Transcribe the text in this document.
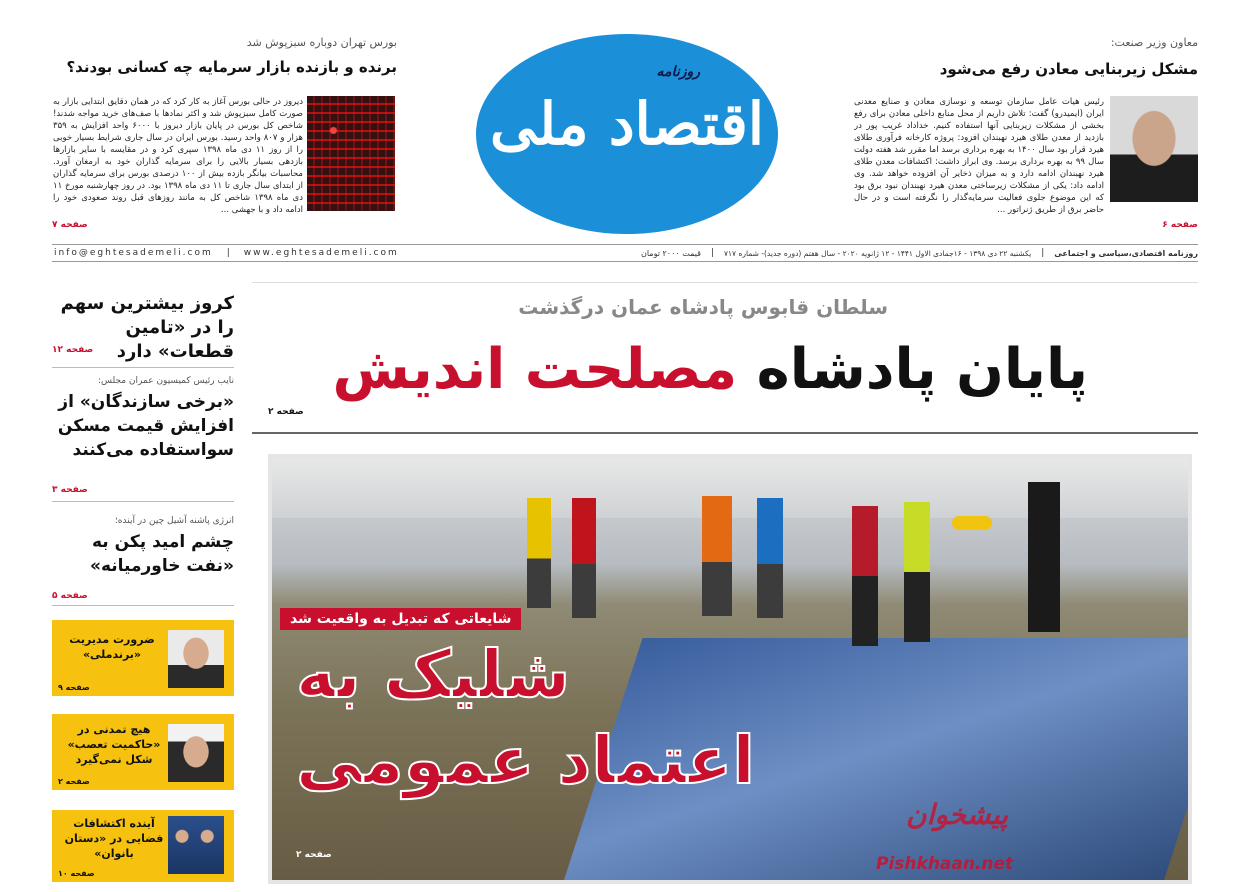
بورس تهران دوباره سبزپوش شد
برنده و بازنده بازار سرمایه چه کسانی بودند؟
دیروز در حالی بورس آغاز به کار کرد که در همان دقایق ابتدایی بازار به صورت کامل سبزپوش شد و اکثر نمادها با صف‌های خرید مواجه شدند! شاخص کل بورس در پایان بازار دیروز با ۶۰۰۰ واحد افزایش به ۳۵۹ هزار و ۸۰۷ واحد رسید. بورس ایران در سال جاری شرایط بسیار خوبی را از روز ۱۱ دی ماه ۱۳۹۸ سپری کرد و در مقایسه با سایر بازارها بازدهی بسیار بالایی را برای سرمایه گذاران خود به ارمغان آورد. محاسبات بیانگر بازده بیش از ۱۰۰ درصدی بورس برای سرمایه گذاران از ابتدای سال جاری تا ۱۱ دی ماه ۱۳۹۸ بود. در روز چهارشنبه مورخ ۱۱ دی ماه ۱۳۹۸ شاخص کل به مانند روزهای قبل روند صعودی خود را ادامه داد و با جهشی ...
صفحه ۷
روزنامه
اقتصاد ملی
معاون وزیر صنعت:
مشکل زیربنایی معادن رفع می‌شود
رئیس هیات عامل سازمان توسعه و نوسازی معادن و صنایع معدنی ایران (ایمیدرو) گفت: تلاش داریم از محل منابع داخلی معادن برای رفع بخشی از مشکلات زیربنایی آنها استفاده کنیم. خداداد غریب پور در بازدید از معدن طلای هیرد نهبندان افزود: پروژه کارخانه فرآوری طلای هیرد قرار بود سال ۱۴۰۰ به بهره برداری برسد اما مقرر شد هفته دولت سال ۹۹ به بهره برداری برسد. وی ابراز داشت: اکتشافات معدن طلای هیرد نهبندان ادامه دارد و به میزان ذخایر آن افزوده خواهد شد. وی ادامه داد: یکی از مشکلات زیرساختی معدن هیرد نهبندان نبود برق بود که این موضوع جلوی فعالیت سرمایه‌گذار را نگرفته است و در حال حاضر برق از طریق ژنراتور ...
صفحه ۶
info@eghtesademeli.com | www.eghtesademeli.com	قیمت ۲۰۰۰ تومان | یکشنبه ۲۲ دی ۱۳۹۸ - ۱۶جمادی الاول ۱۴۴۱ - ۱۲ ژانویه ۲۰۲۰ - سال هفتم (دوره جدید)- شماره ۷۱۷ | روزنامه اقتصادی،سیاسی و اجتماعی
کروز بیشترین سهم را در «تامین قطعات» دارد
صفحه ۱۲
نایب رئیس کمیسیون عمران مجلس:
«برخی سازندگان» از افزایش قیمت مسکن سواستفاده می‌کنند
صفحه ۳
انرژی پاشنه آشیل چین در آینده؛
چشم امید پکن به «نفت خاورمیانه»
صفحه ۵
ضرورت مدیریت «برندملی»
صفحه ۹
هیچ تمدنی در «حاکمیت تعصب» شکل نمی‌گیرد
صفحه ۲
آینده اکتشافات فضایی در «دستان بانوان»
صفحه ۱۰
سلطان قابوس پادشاه عمان درگذشت
پایان پادشاه مصلحت اندیش
صفحه ۲
شایعاتی که تبدیل به واقعیت شد
شلیک به
اعتماد عمومی
صفحه ۲
پیشخوان
Pishkhaan.net
